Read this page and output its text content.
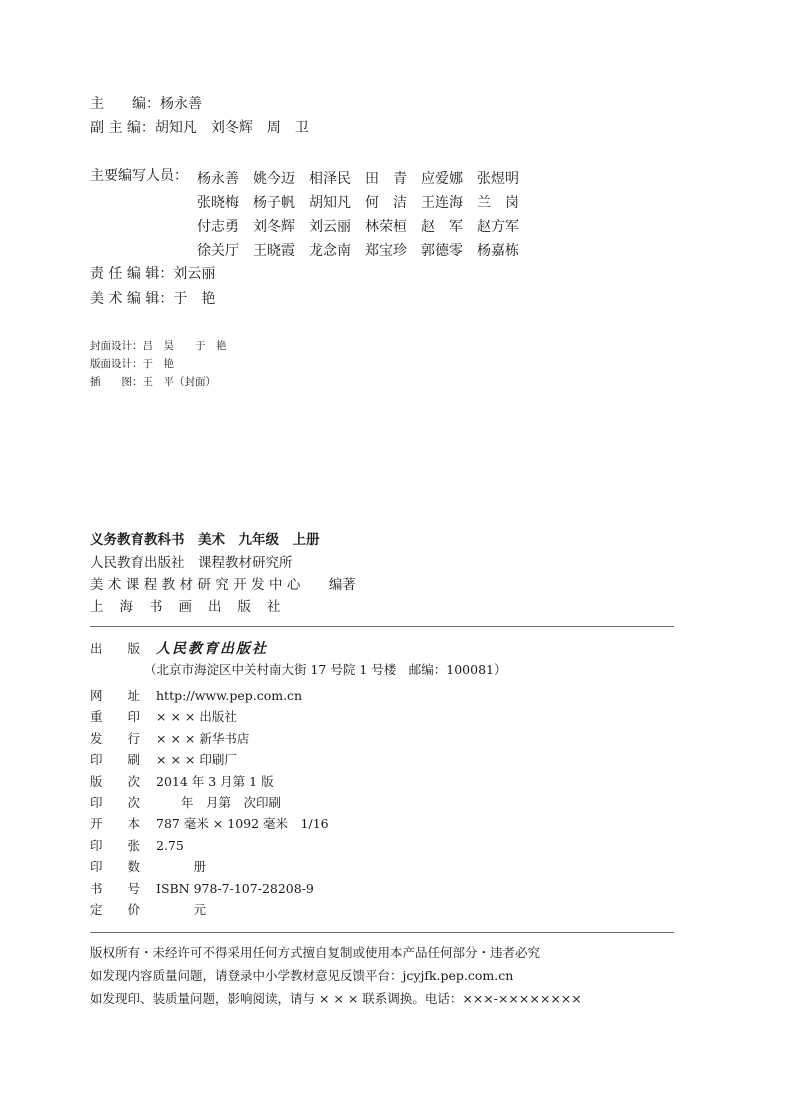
主　　编：杨永善
副 主 编：胡知凡　刘冬辉　周　卫
主要编写人员： 杨永善 姚今迈 相泽民 田　青 应爱娜 张煜明
张晓梅 杨子帆 胡知凡 何　洁 王连海 兰　岗
付志勇 刘冬辉 刘云丽 林荣桓 赵　军 赵方军
徐关厅 王晓霞 龙念南 郑宝珍 郭德零 杨嘉栋
责 任 编 辑：刘云丽
美 术 编 辑：于　艳
封面设计：吕　昊　　于　艳
版面设计：于　艳
插　　图：王　平（封面）
义务教育教科书　美术　九年级　上册
人民教育出版社　课程教材研究所
美术课程教材研究开发中心 编著
上海书画出版社
出　　版 人民教育出版社
（北京市海淀区中关村南大街 17 号院 1 号楼　邮编：100081）
网　　址 http://www.pep.com.cn
重　　印 × × × 出版社
发　　行 × × × 新华书店
印　　刷 × × × 印刷厂
版　　次 2014 年 3 月第 1 版
印　　次　　年　月第　次印刷
开　　本 787 毫米 × 1092 毫米　1/16
印　　张 2.75
印　　数　　　册
书　　号 ISBN 978-7-107-28208-9
定　　价　　　元
版权所有・未经许可不得采用任何方式擅自复制或使用本产品任何部分・违者必究
如发现内容质量问题，请登录中小学教材意见反馈平台：jcyjfk.pep.com.cn
如发现印、装质量问题，影响阅读，请与 × × × 联系调换。电话：×××-××××××××
